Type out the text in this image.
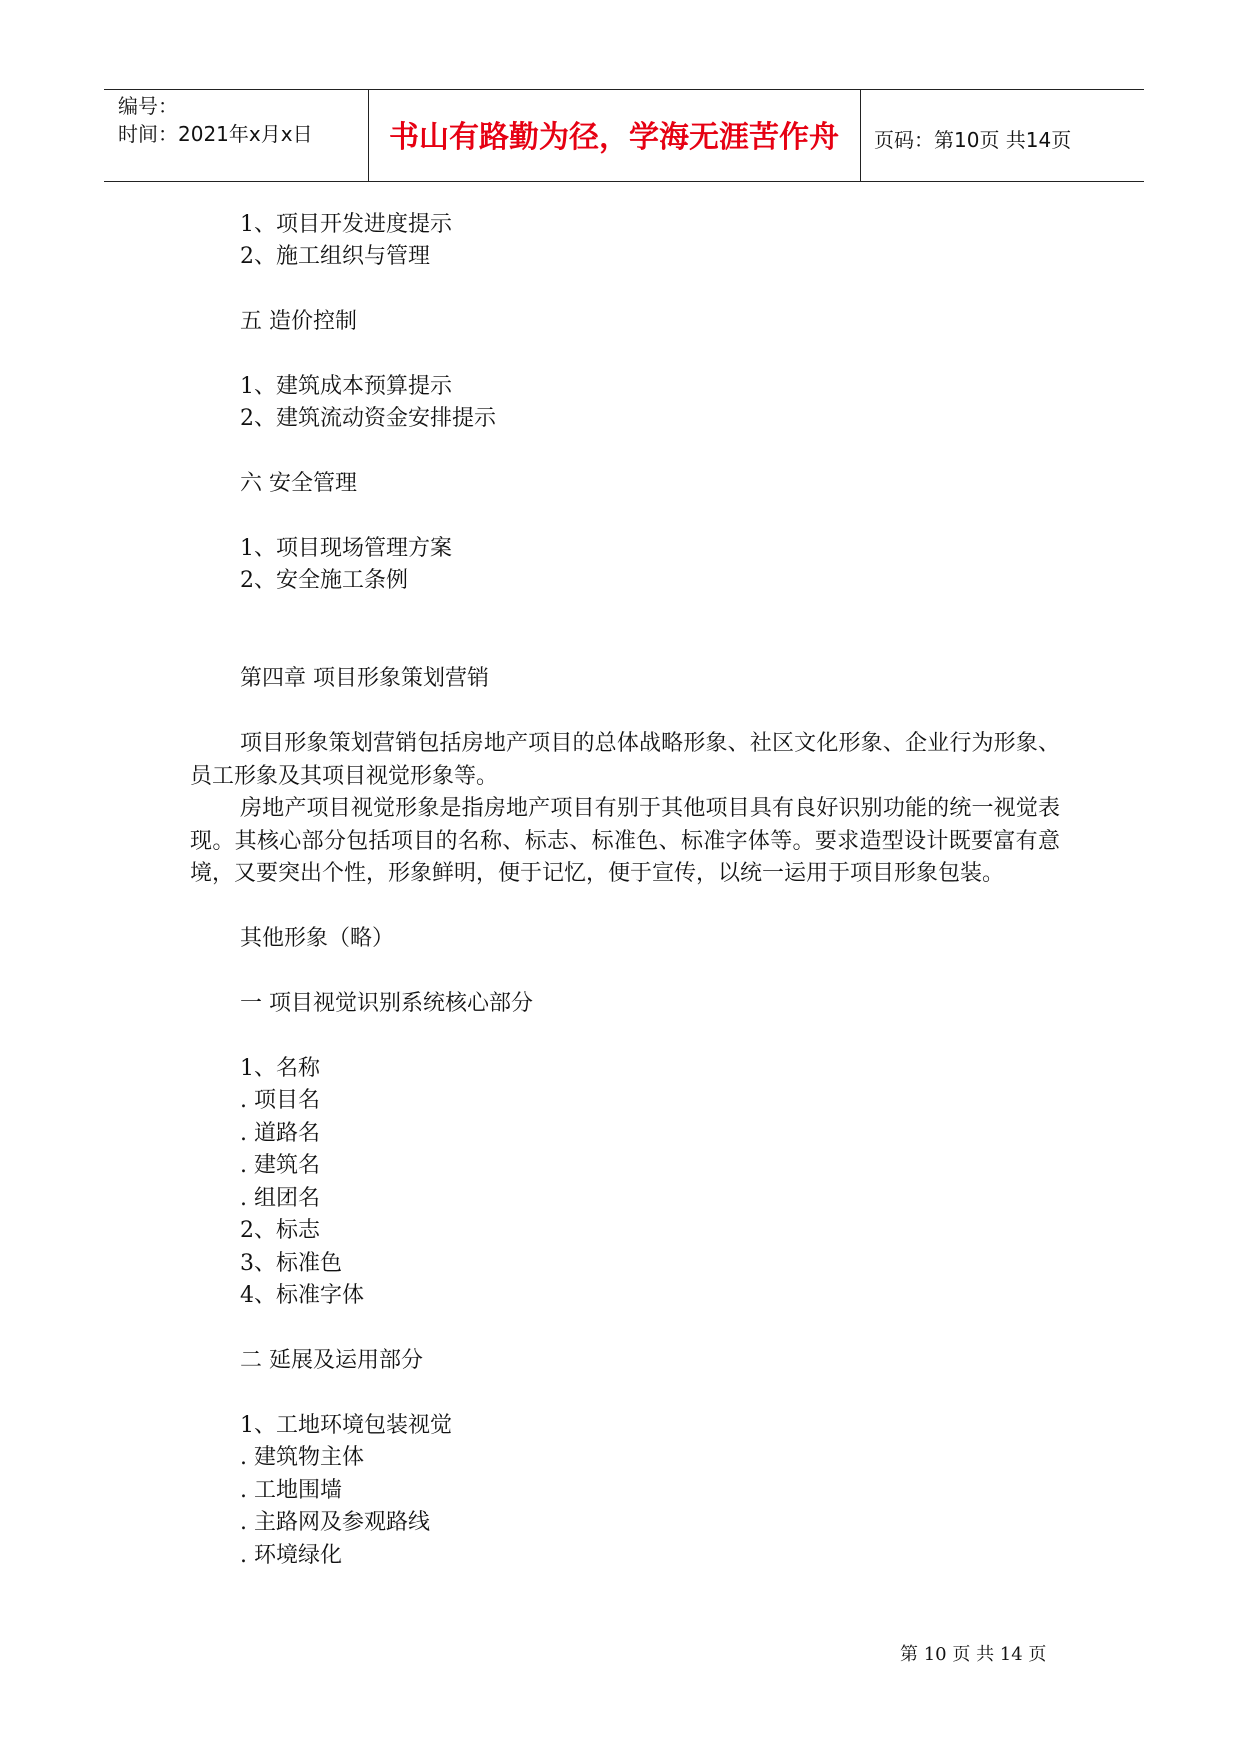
编号：
时间：2021年x月x日	书山有路勤为径，学海无涯苦作舟	页码：第10页 共14页
1、项目开发进度提示
2、施工组织与管理
五 造价控制
1、建筑成本预算提示
2、建筑流动资金安排提示
六 安全管理
1、项目现场管理方案
2、安全施工条例
第四章 项目形象策划营销
项目形象策划营销包括房地产项目的总体战略形象、社区文化形象、企业行为形象、员工形象及其项目视觉形象等。
房地产项目视觉形象是指房地产项目有别于其他项目具有良好识别功能的统一视觉表现。其核心部分包括项目的名称、标志、标准色、标准字体等。要求造型设计既要富有意境，又要突出个性，形象鲜明，便于记忆，便于宣传，以统一运用于项目形象包装。
其他形象（略）
一 项目视觉识别系统核心部分
1、名称
. 项目名
. 道路名
. 建筑名
. 组团名
2、标志
3、标准色
4、标准字体
二 延展及运用部分
1、工地环境包装视觉
. 建筑物主体
. 工地围墙
. 主路网及参观路线
. 环境绿化
第 10 页 共 14 页
